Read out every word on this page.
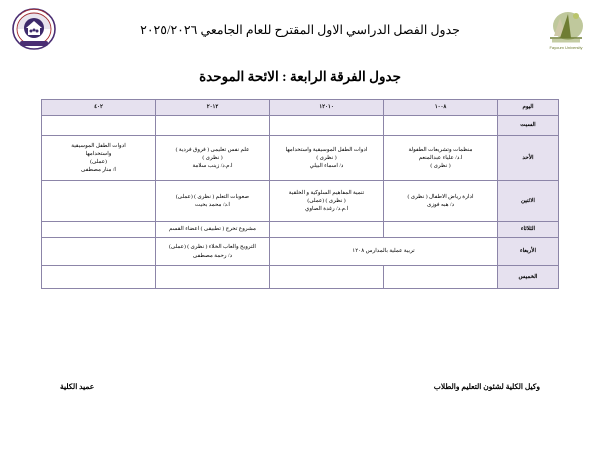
Fayoum University
جدول الفصل الدراسي الاول المقترح للعام الجامعي ٢٠٢٥/٢٠٢٦
جدول الفرقة الرابعة : الائحة الموحدة
اليوم	١٠٠٨	١٢٠١٠	٢٠١٢	٤٠٢
السبت				
الأحد	منظمات وتشريعات الطفولة
ا.د/ علياء عبدالمنعم
( نظرى )	ادوات الطفل الموسيقية واستخدامها
( نظرى )
د/ اسماء البيلي	علم نفس تعليمى ( فروق فردية )
( نظرى )
ا.م.د/ زينب سلامة	ادوات الطفل الموسيقية
واستخدامها
(عملى)
ا/ منار مصطفى

الاثنين	ادارة رياض الاطفال ( نظرى )
د/ هبه فوزى	تنمية المفاهيم السلوكية و الخلقية
( نظرى ) (عملى)
ا.م.د/ رغدة الصاوي	صعوبات التعلم ( نظرى ) (عملى)
ا.د/ محمد بخيت	

الثلاثاء			مشروع تخرج ( تطبيقى ) اعضاء القسم	

الأربعاء	تربية عملية بالمدارس ١٢٠٨		الترويح والعاب الخلاء ( نظرى ) (عملى)
د/ رحمة مصطفى	

الخميس				
وكيل الكلية لشئون التعليم والطلاب
عميد الكلية
